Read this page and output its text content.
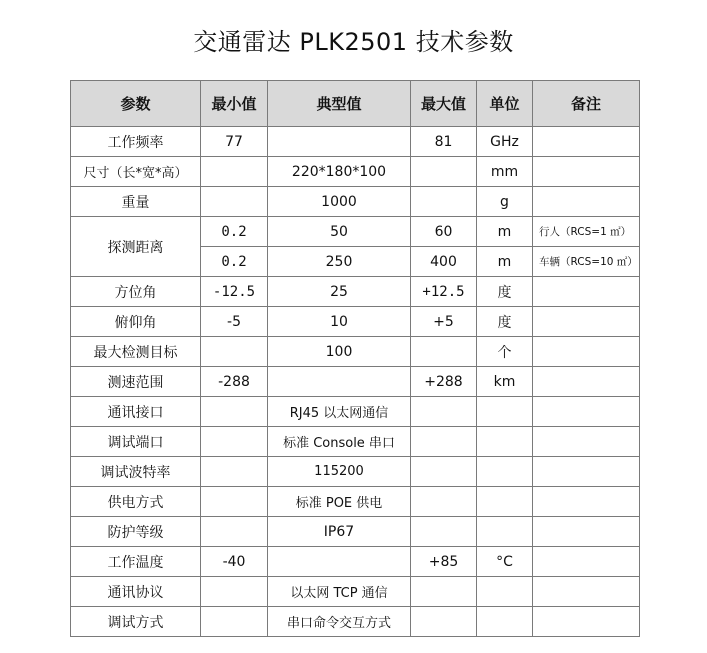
交通雷达 PLK2501 技术参数
参数	最小值	典型值	最大值	单位	备注
工作频率	77		81	GHz	
尺寸（长*宽*高）		220*180*100		mm	
重量		1000		g	
探测距离	0.2	50	60	m	行人（RCS=1 ㎡）
	0.2	250	400	m	车辆（RCS=10 ㎡）
方位角	-12.5	25	+12.5	度	
俯仰角	-5	10	+5	度	
最大检测目标		100		个	
测速范围	-288		+288	km	
通讯接口		RJ45 以太网通信			
调试端口		标准 Console 串口			
调试波特率		115200			
供电方式		标准 POE 供电			
防护等级		IP67			
工作温度	-40		+85	°C	
通讯协议		以太网 TCP 通信			
调试方式		串口命令交互方式			
